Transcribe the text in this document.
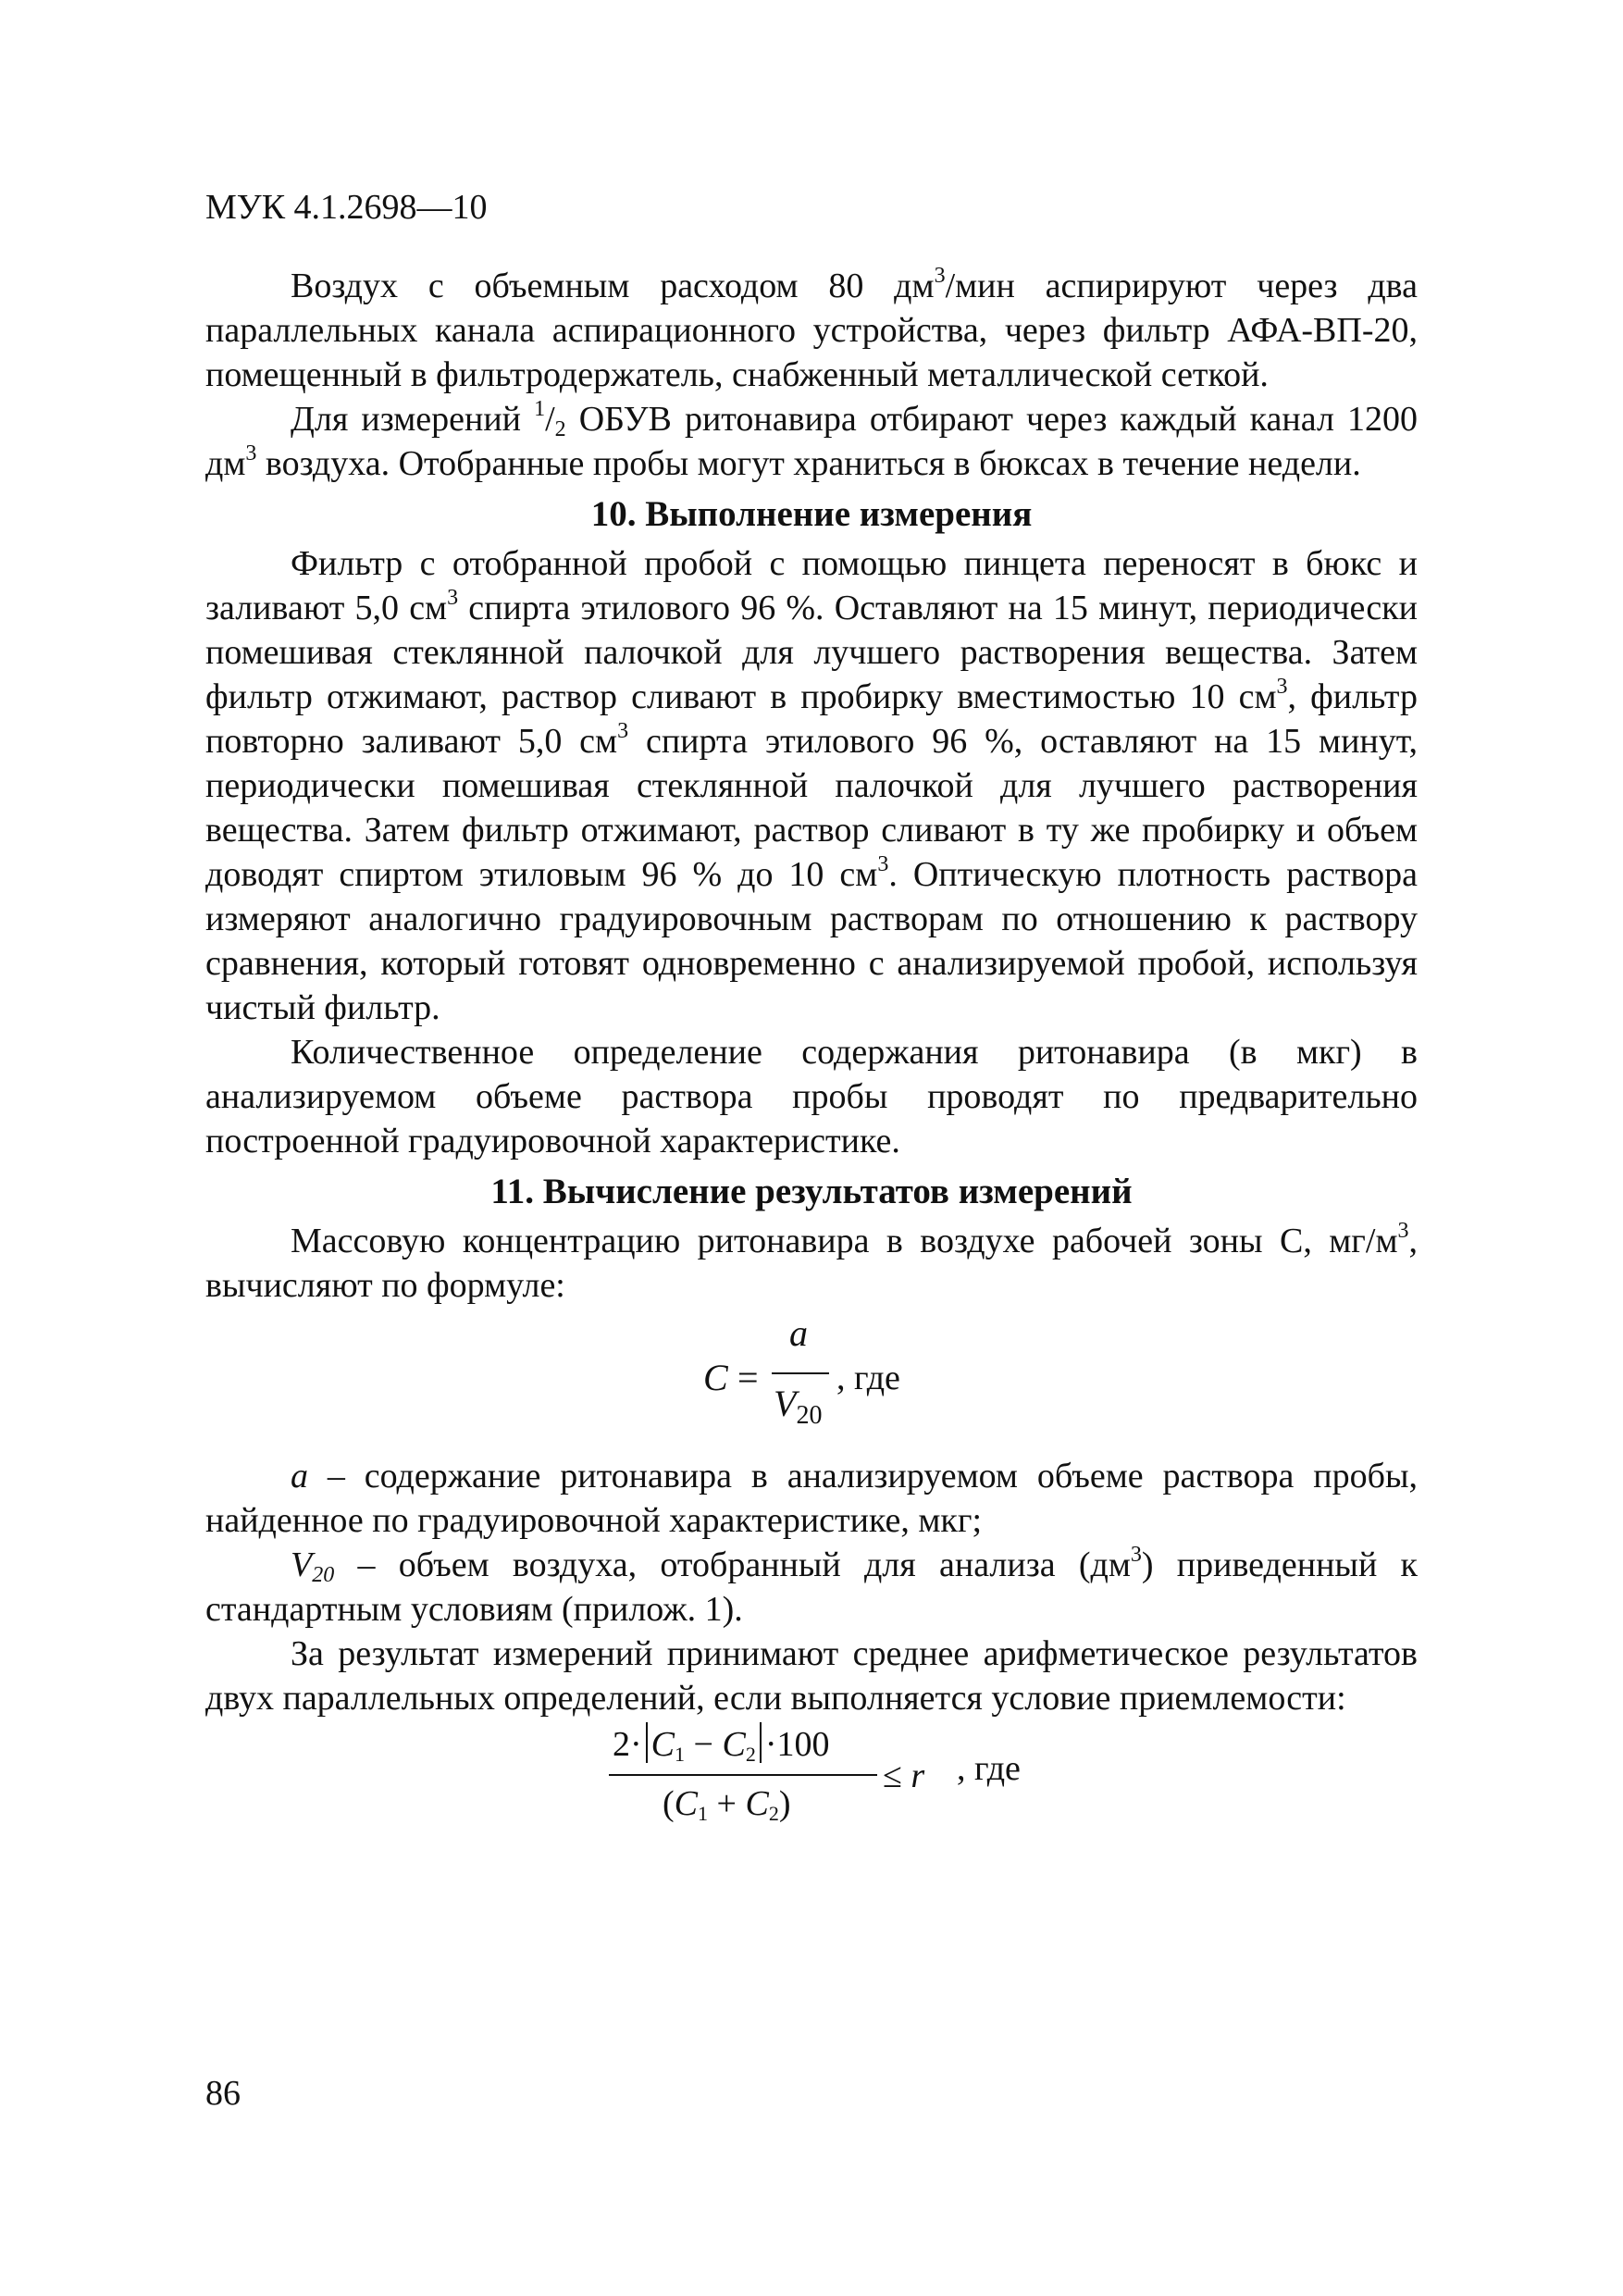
МУК 4.1.2698—10

Воздух с объемным расходом 80 $дм^3$/мин аспирируют через два параллельных канала аспирационного устройства, через фильтр АФА-ВП-20, помещенный в фильтродержатель, снабженный металлической сеткой.

Для измерений $^1$/2 ОБУВ ритонавира отбирают через каждый канал 1200 $дм^3$ воздуха. Отобранные пробы могут храниться в бюксах в течение недели.

10. Выполнение измерения

Фильтр с отобранной пробой с помощью пинцета переносят в бюкс и заливают 5,0 $см^3$ спирта этилового 96 %. Оставляют на 15 минут, периодически помешивая стеклянной палочкой для лучшего растворения вещества. Затем фильтр отжимают, раствор сливают в пробирку вместимостью 10 $см^3$, фильтр повторно заливают 5,0 $см^3$ спирта этилового 96 %, оставляют на 15 минут, периодически помешивая стеклянной палочкой для лучшего растворения вещества. Затем фильтр отжимают, раствор сливают в ту же пробирку и объем доводят спиртом этиловым 96 % до 10 $см^3$. Оптическую плотность раствора измеряют аналогично градуировочным растворам по отношению к раствору сравнения, который готовят одновременно с анализируемой пробой, используя чистый фильтр.

Количественное определение содержания ритонавира (в мкг) в анализируемом объеме раствора пробы проводят по предварительно построенной градуировочной характеристике.

11. Вычисление результатов измерений

Массовую концентрацию ритонавира в воздухе рабочей зоны С, $мг/м^3$, вычисляют по формуле:

C =
a
$V_{20}$
, где

a – содержание ритонавира в анализируемом объеме раствора пробы, найденное по градуировочной характеристике, мкг;

$V_{20}$ – объем воздуха, отобранный для анализа $(дм^3)$ приведенный к стандартным условиям (прилож. 1).

За результат измерений принимают среднее арифметическое результатов двух параллельных определений, если выполняется условие приемлемости:

$2\cdot C_1 - C_2 \cdot 100$
$(C_1 + C_2)$
≤ r , где
86
